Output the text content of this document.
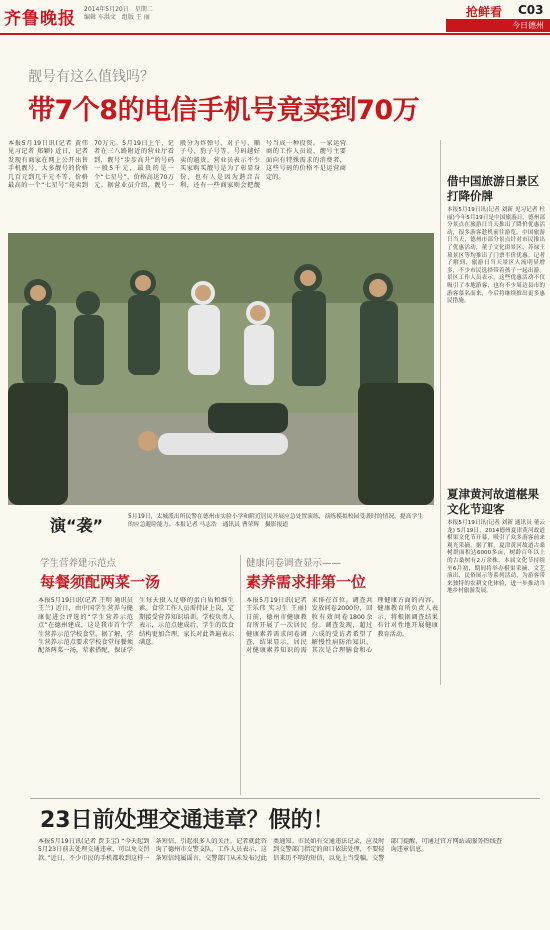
齐鲁晚报 2014年5月20日　星期二
编辑 车洪文　组版 王 丽	抢鲜看 C03
今日德州
靓号有这么值钱吗？
带7个8的电信手机号竟卖到70万
本报5月19日讯(记者 黄伟 见习记者 郑颖) 近日，记者发现有商家在网上公开出售手机靓号，大多靓号的价格几百元到几千元不等，价格最高的一个“七星号”竟卖到70万元。5月19日上午，记者在三八路附近的营业厅看到，靓号“步步高升”的号码一般5千元，最贵的是一个“七星号”，价格高达70万元。据营业员介绍，靓号一般分为炸弹号、对子号、顺子号、豹子号等，号码越好卖的越贵。营业员表示不少买家购买靓号是为了彰显身份，也有人是因为谐音吉利，还有一些商家则会把靓号当成一种投资。一家运营商的工作人员说，靓号主要面向有特殊需求的消费者，这些号码的价格不是运营商定的。	借中国旅游日景区打降价牌
本报5月19日讯(记者 刘新 见习记者 杜丽)今年5月19日是中国旅游日，德州部分景点在旅游日当天推出了降价优惠活动，很多游客趁机前往游览。中国旅游日当天，德州市部分景点针对市民推出了优惠活动，董子文化街景区、苏禄王墓景区等均推出了门票半价优惠。记者了解到，旅游日当天景区人流明显增多，不少市民选择带着孩子一起出游。景区工作人员表示，这些优惠活动不仅吸引了本地游客，也有不少周边县市的游客慕名而来，今后将继续推出更多惠民措施。
夏津黄河故道椹果文化节迎客
本报5月19日讯(记者 刘新 通讯员 董云龙) 5月19日，2014德州夏津黄河故道椹果文化节开幕，吸引了众多游客前来观光采摘。据了解，夏津黄河故道古桑树群面积达6000多亩，树龄百年以上的古桑树有2万余株。本届文化节持续至6月初，期间将举办椹果采摘、文艺演出、民俗展示等系列活动，为游客带来独特的农耕文化体验，进一步推动当地乡村旅游发展。
演“袭”	5月19日，太城派出所民警在德州市实验小学和附近居民开展应急处置演练，演练模拟校园受袭时的情况，提高学生的应急避险能力。本报记者 马志浩　通讯员 曹荣辉　摄影报道
学生营养建示范点
每餐须配两菜一汤
本报5月19日讯(记者 王明 通讯员 王兰) 近日，由中国学生营养与健康促进会评选的“学生营养示范点”在德州建成，这是我市首个学生营养示范学校食堂。据了解，学生营养示范点要求学校食堂每餐须配备两菜一汤，荤素搭配，保证学生每天摄入足够的蛋白质和维生素。食堂工作人员需持证上岗，定期接受营养知识培训。学校负责人表示，示范点建成后，学生的饮食结构更加合理，家长对此普遍表示满意。
健康问卷调查显示——
素养需求排第一位
本报5月19日讯(记者 王乐伟 实习生 王丽) 日前，德州市健康教育所开展了一次居民健康素养需求问卷调查，结果显示，居民对健康素养知识的需求排在首位。调查共发放问卷2000份，回收有效问卷1800余份。调查发现，超过六成的受访者希望了解慢性病防治知识，其次是合理膳食和心理健康方面的内容。健康教育所负责人表示，将根据调查结果有针对性地开展健康教育活动。
23日前处理交通违章？假的！
本报5月19日讯(记者 贾玉宝) “今天起到5月23日前去处理交通违章，可以免交罚款。”近日，不少市民的手机都收到这样一条短信，引起很多人的关注。记者就此咨询了德州市交警支队，工作人员表示，这条短信纯属谣言，交警部门从未发布过此类通知。市民如有交通违法记录，应及时到交警部门指定的窗口依法处理，不要轻信来历不明的短信，以免上当受骗。交警部门提醒，可通过官方网站或服务热线查询违章信息。
